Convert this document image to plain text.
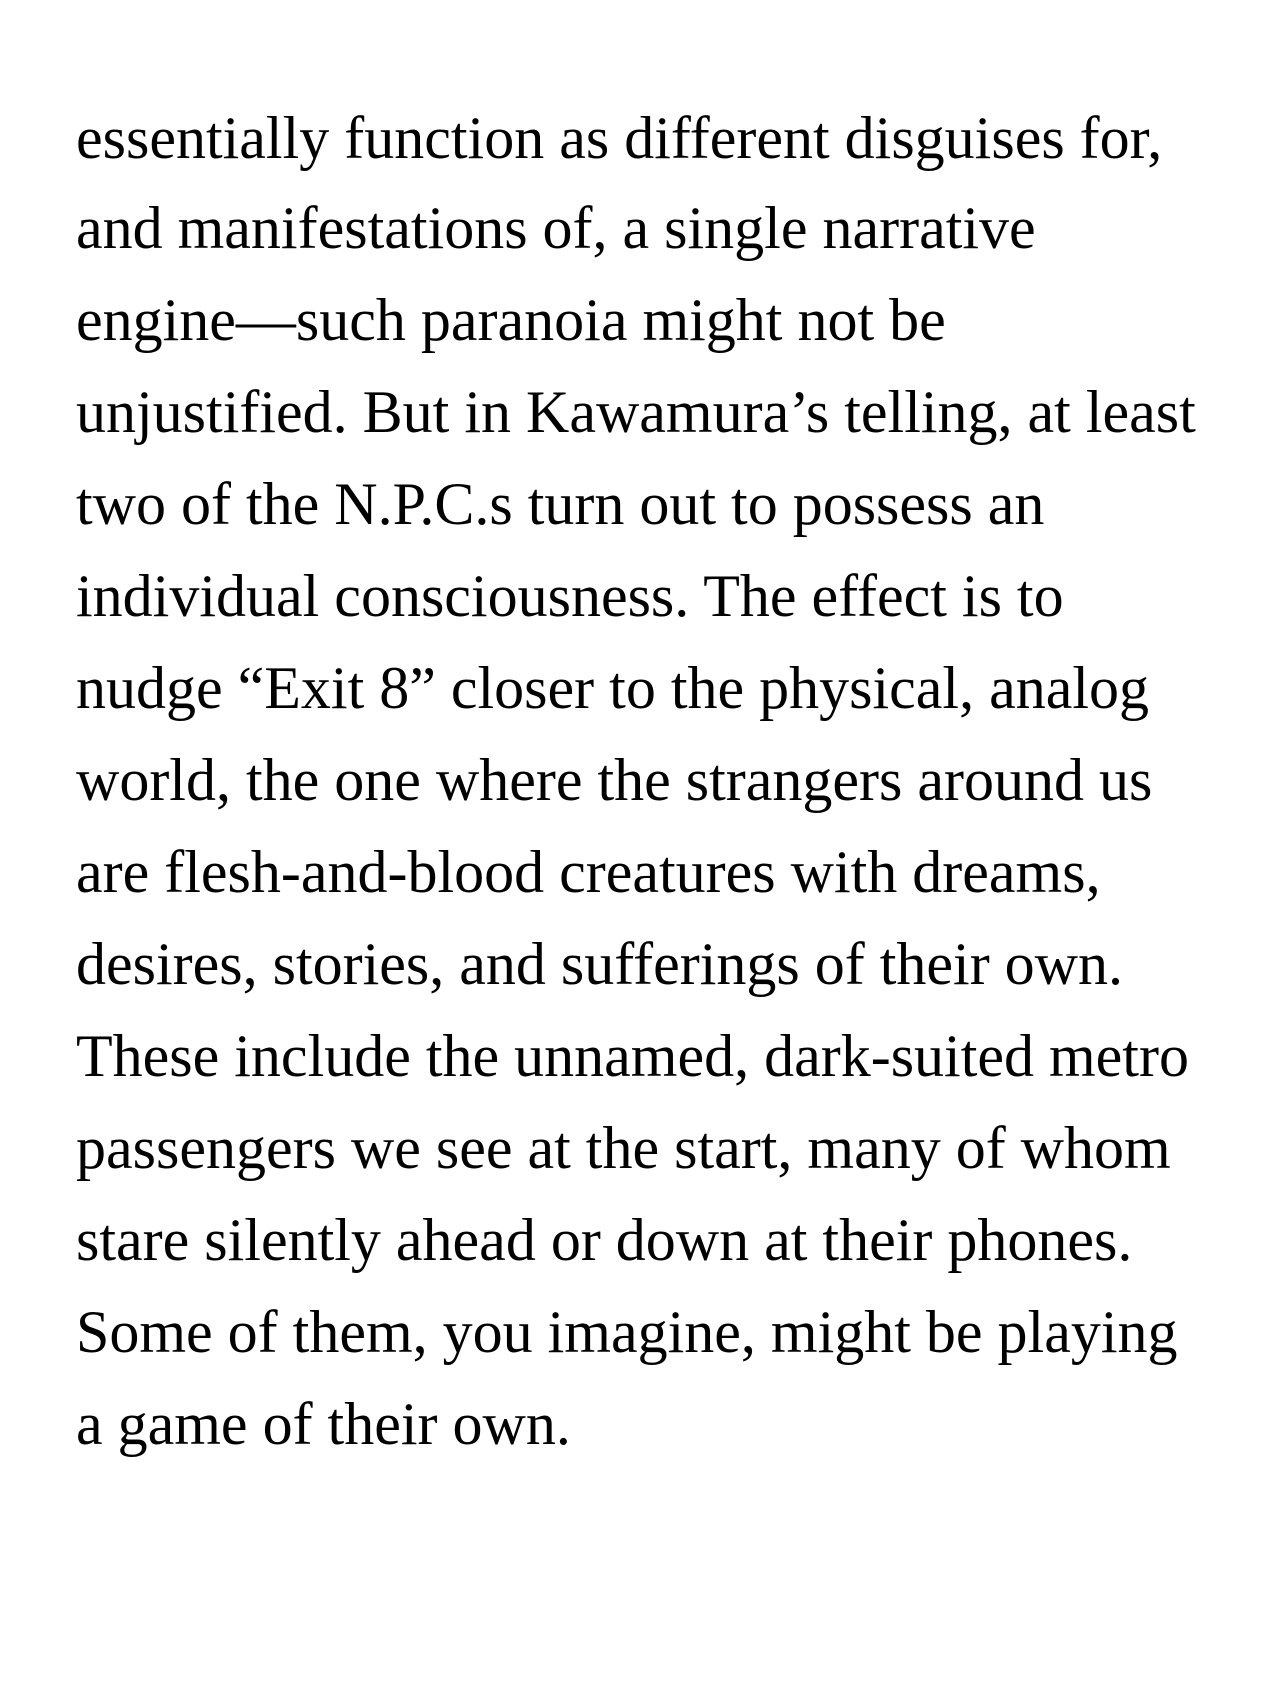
essentially function as different disguises for,
and manifestations of, a single narrative
engine—such paranoia might not be
unjustified. But in Kawamura’s telling, at least
two of the N.P.C.s turn out to possess an
individual consciousness. The effect is to
nudge “Exit 8” closer to the physical, analog
world, the one where the strangers around us
are flesh-and-blood creatures with dreams,
desires, stories, and sufferings of their own.
These include the unnamed, dark-suited metro
passengers we see at the start, many of whom
stare silently ahead or down at their phones.
Some of them, you imagine, might be playing
a game of their own.
